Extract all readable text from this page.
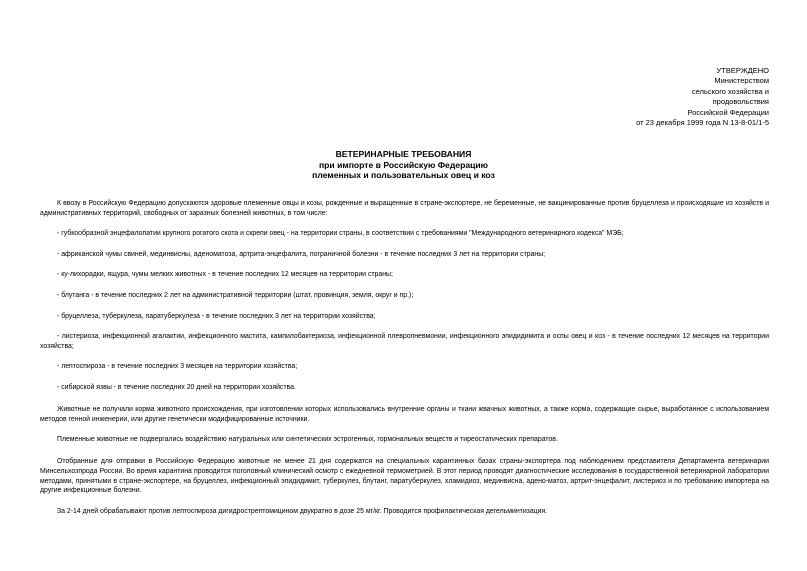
УТВЕРЖДЕНО
Министерством
сельского хозяйства и
продовольствия
Российской Федерации
от 23 декабря 1999 года N 13-8-01/1-5
ВЕТЕРИНАРНЫЕ ТРЕБОВАНИЯ
при импорте в Российскую Федерацию
племенных и пользовательных овец и коз

К ввозу в Российскую Федерацию допускаются здоровые племенные овцы и козы, рожденные и выращенные в стране-экспортере, не беременные, не вакцинированные против бруцеллеза и происходящие из хозяйств и административных территорий, свободных от заразных болезней животных, в том числе:

- губкообразной энцефалопатии крупного рогатого скота и скрепи овец - на территории страны, в соответствии с требованиями "Международного ветеринарного кодекса" МЭБ;

- африканской чумы свиней, мединвисны, аденоматоза, артрита-энцефалита, пограничной болезни - в течение последних 3 лет на территории страны;

- ку-лихорадки, ящура, чумы мелких животных - в течение последних 12 месяцев на территории страны;

- блутанга - в течение последних 2 лет на административной территории (штат, провинция, земля, округ и пр.);

- бруцеллеза, туберкулеза, паратуберкулеза - в течение последних 3 лет на территории хозяйства;

- листериоза, инфекционной агалактии, инфекционного мастита, кампилобактериоза, инфекционной плевропневмонии, инфекционного эпидидимита и оспы овец и коз - в течение последних 12 месяцев на территории хозяйства;

- лептоспироза - в течение последних 3 месяцев на территории хозяйства;

- сибирской язвы - в течение последних 20 дней на территории хозяйства.

Животные не получали корма животного происхождения, при изготовлении которых использовались внутренние органы и ткани жвачных животных, а также корма, содержащие сырье, выработанное с использованием методов генной инженерии, или другие генетически модифицированные источники.

Племенные животные не подвергались воздействию натуральных или синтетических эстрогенных, гормональных веществ и тиреостатических препаратов.

Отобранные для отправки в Российскую Федерацию животные не менее 21 дня содержатся на специальных карантинных базах страны-экспортера под наблюдением представителя Департамента ветеринарии Минсельхозпрода России. Во время карантина проводится поголовный клинический осмотр с ежедневной термометрией. В этот период проводят диагностические исследования в государственной ветеринарной лаборатории методами, принятыми в стране-экспортере, на бруцеллез, инфекционный эпидидимит, туберкулез, блутанг, паратуберкулез, хламидиоз, мединвисна, адено-матоз, артрит-энцефалит, листериоз и по требованию импортера на другие инфекционные болезни.

За 2-14 дней обрабатывают против лептоспироза дигидрострептомицином двукратно в дозе 25 мг/кг. Проводится профилактическая дегельминтизация.
